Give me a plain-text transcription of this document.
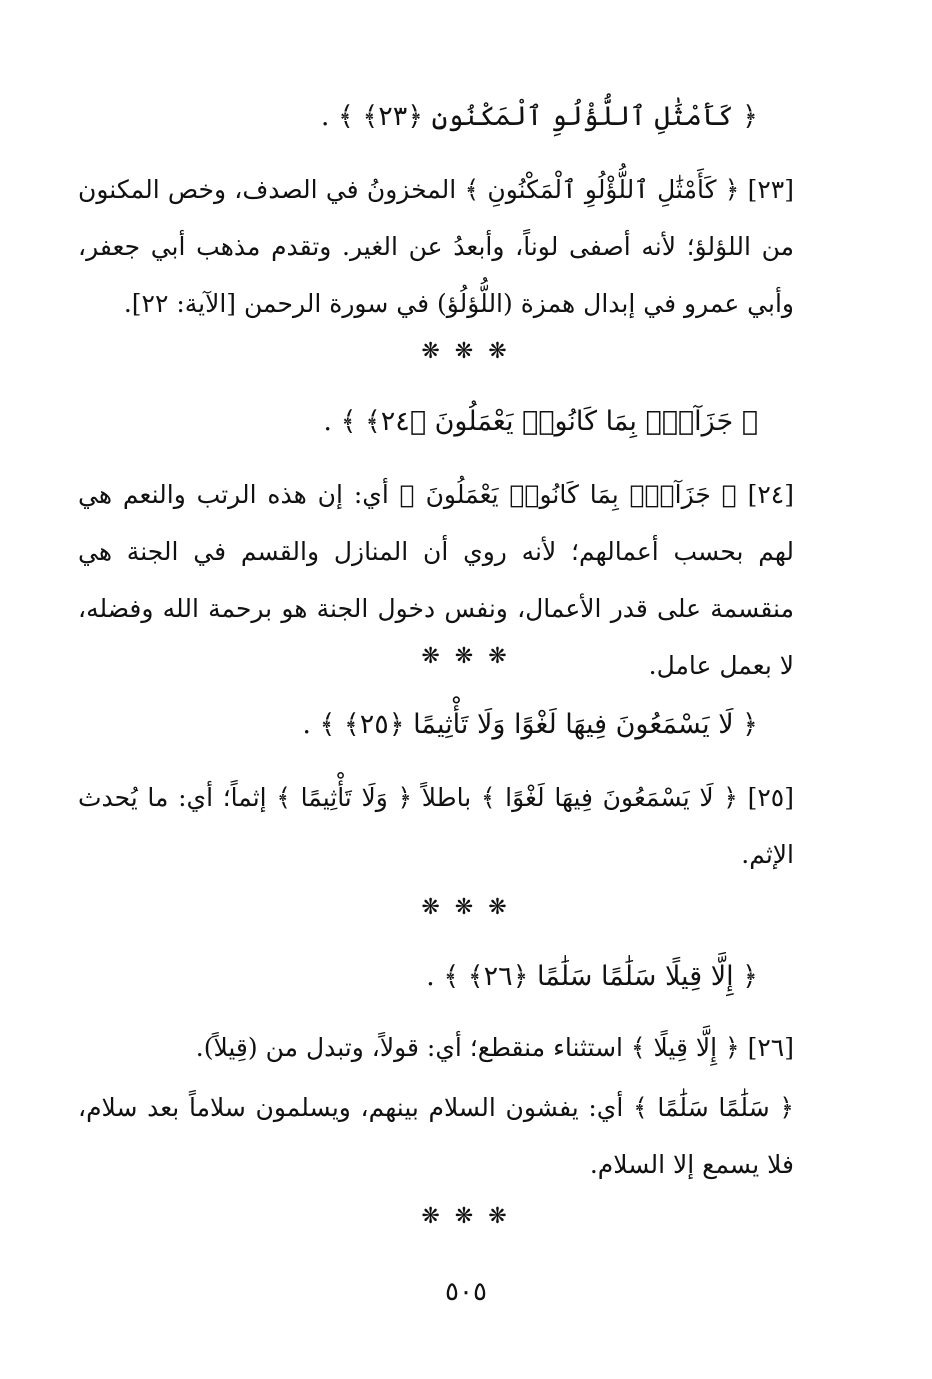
﴿ كَأَمْثَٰلِ ٱللُّؤْلُوِ ٱلْمَكْنُونِ ﴿٢٣﴾ ﴾ .

[٢٣] ﴿ كَأَمْثَٰلِ ٱللُّؤْلُوِ ٱلْمَكْنُونِ ﴾ المخزونُ في الصدف، وخص المكنون من اللؤلؤ؛ لأنه أصفى لوناً، وأبعدُ عن الغير. وتقدم مذهب أبي جعفر، وأبي عمرو في إبدال همزة (اللُّؤلُؤ) في سورة الرحمن [الآية: ٢٢].

❋ ❋ ❋

﴿ جَزَآءًۢ بِمَا كَانُوا۟ يَعْمَلُونَ ﴿٢٤﴾ ﴾ .

[٢٤] ﴿ جَزَآءًۢ بِمَا كَانُوا۟ يَعْمَلُونَ ﴾ أي: إن هذه الرتب والنعم هي لهم بحسب أعمالهم؛ لأنه روي أن المنازل والقسم في الجنة هي منقسمة على قدر الأعمال، ونفس دخول الجنة هو برحمة الله وفضله، لا بعمل عامل.

❋ ❋ ❋

﴿ لَا يَسْمَعُونَ فِيهَا لَغْوًا وَلَا تَأْثِيمًا ﴿٢٥﴾ ﴾ .

[٢٥] ﴿ لَا يَسْمَعُونَ فِيهَا لَغْوًا ﴾ باطلاً ﴿ وَلَا تَأْثِيمًا ﴾ إثماً؛ أي: ما يُحدث الإثم.

❋ ❋ ❋

﴿ إِلَّا قِيلًا سَلَٰمًا سَلَٰمًا ﴿٢٦﴾ ﴾ .

[٢٦] ﴿ إِلَّا قِيلًا ﴾ استثناء منقطع؛ أي: قولاً، وتبدل من (قِيلاً).

﴿ سَلَٰمًا سَلَٰمًا ﴾ أي: يفشون السلام بينهم، ويسلمون سلاماً بعد سلام، فلا يسمع إلا السلام.

❋ ❋ ❋

٥٠٥
